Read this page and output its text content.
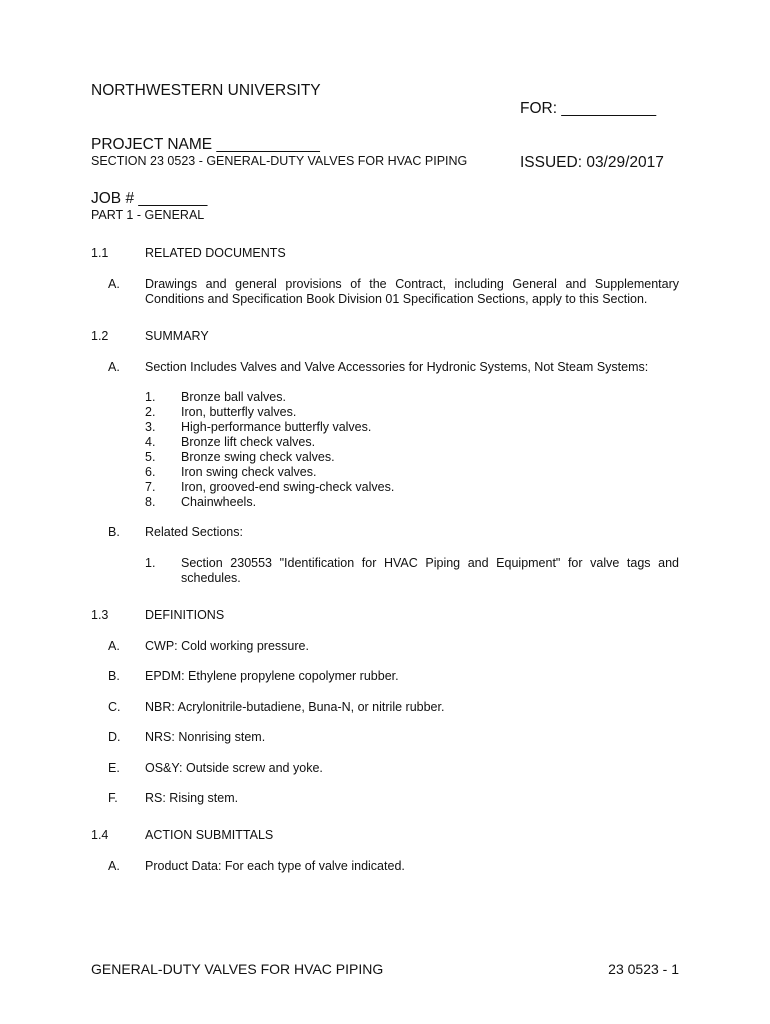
NORTHWESTERN UNIVERSITY

PROJECT NAME ____________

JOB # ________

FOR: ___________

ISSUED: 03/29/2017

SECTION 23 0523 - GENERAL-DUTY VALVES FOR HVAC PIPING
PART 1 - GENERAL
1.1	RELATED DOCUMENTS
A. Drawings and general provisions of the Contract, including General and Supplementary Conditions and Specification Book Division 01 Specification Sections, apply to this Section.
1.2	SUMMARY
A. Section Includes Valves and Valve Accessories for Hydronic Systems, Not Steam Systems:
1. Bronze ball valves.
2. Iron, butterfly valves.
3. High-performance butterfly valves.
4. Bronze lift check valves.
5. Bronze swing check valves.
6. Iron swing check valves.
7. Iron, grooved-end swing-check valves.
8. Chainwheels.
B. Related Sections:
1. Section 230553 "Identification for HVAC Piping and Equipment" for valve tags and schedules.
1.3	DEFINITIONS
A. CWP: Cold working pressure.
B. EPDM: Ethylene propylene copolymer rubber.
C. NBR: Acrylonitrile-butadiene, Buna-N, or nitrile rubber.
D. NRS: Nonrising stem.
E. OS&Y: Outside screw and yoke.
F. RS: Rising stem.
1.4	ACTION SUBMITTALS
A. Product Data: For each type of valve indicated.
GENERAL-DUTY VALVES FOR HVAC PIPING	23 0523 - 1
